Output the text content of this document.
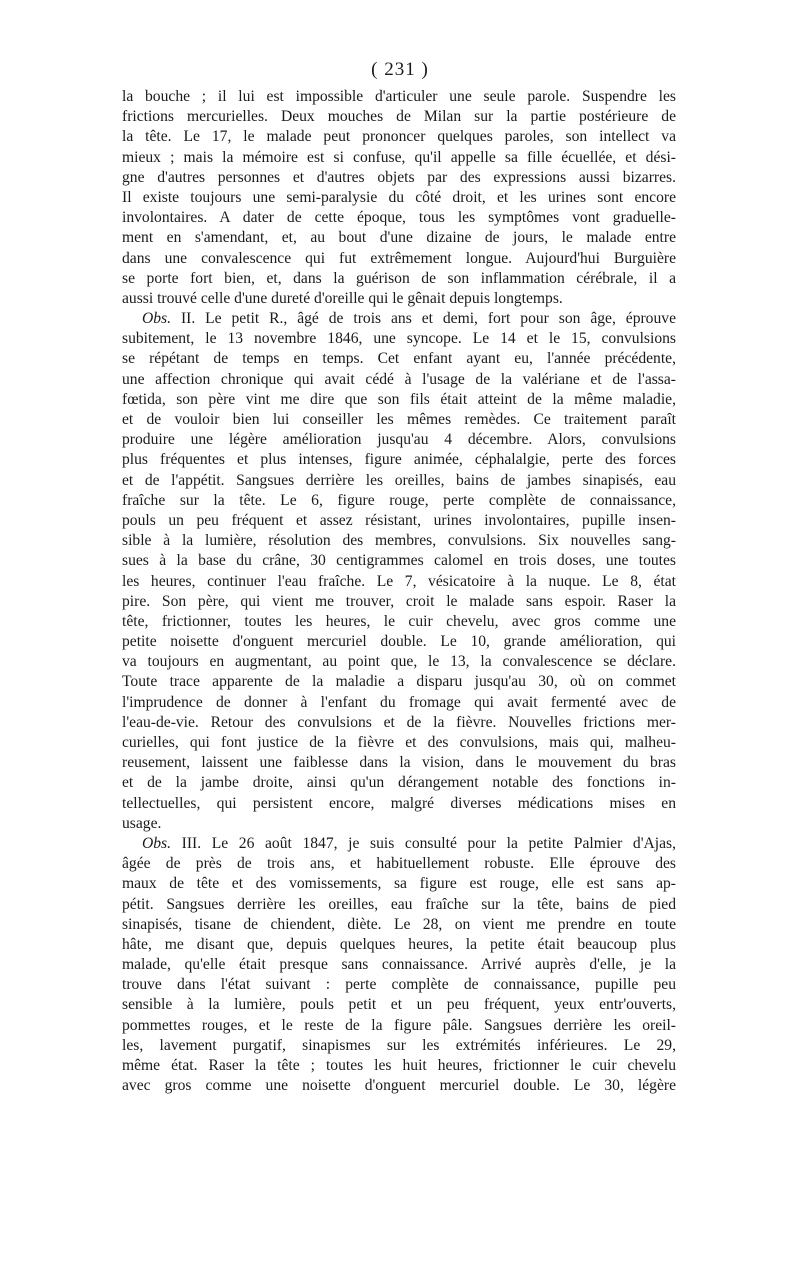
( 231 )
la bouche ; il lui est impossible d'articuler une seule parole. Suspendre les
frictions mercurielles. Deux mouches de Milan sur la partie postérieure de
la tête. Le 17, le malade peut prononcer quelques paroles, son intellect va
mieux ; mais la mémoire est si confuse, qu'il appelle sa fille écuellée, et dési-
gne d'autres personnes et d'autres objets par des expressions aussi bizarres.
Il existe toujours une semi-paralysie du côté droit, et les urines sont encore
involontaires. A dater de cette époque, tous les symptômes vont graduelle-
ment en s'amendant, et, au bout d'une dizaine de jours, le malade entre
dans une convalescence qui fut extrêmement longue. Aujourd'hui Burguière
se porte fort bien, et, dans la guérison de son inflammation cérébrale, il a
aussi trouvé celle d'une dureté d'oreille qui le gênait depuis longtemps.
Obs. II. Le petit R., âgé de trois ans et demi, fort pour son âge, éprouve
subitement, le 13 novembre 1846, une syncope. Le 14 et le 15, convulsions
se répétant de temps en temps. Cet enfant ayant eu, l'année précédente,
une affection chronique qui avait cédé à l'usage de la valériane et de l'assa-
fœtida, son père vint me dire que son fils était atteint de la même maladie,
et de vouloir bien lui conseiller les mêmes remèdes. Ce traitement paraît
produire une légère amélioration jusqu'au 4 décembre. Alors, convulsions
plus fréquentes et plus intenses, figure animée, céphalalgie, perte des forces
et de l'appétit. Sangsues derrière les oreilles, bains de jambes sinapisés, eau
fraîche sur la tête. Le 6, figure rouge, perte complète de connaissance,
pouls un peu fréquent et assez résistant, urines involontaires, pupille insen-
sible à la lumière, résolution des membres, convulsions. Six nouvelles sang-
sues à la base du crâne, 30 centigrammes calomel en trois doses, une toutes
les heures, continuer l'eau fraîche. Le 7, vésicatoire à la nuque. Le 8, état
pire. Son père, qui vient me trouver, croit le malade sans espoir. Raser la
tête, frictionner, toutes les heures, le cuir chevelu, avec gros comme une
petite noisette d'onguent mercuriel double. Le 10, grande amélioration, qui
va toujours en augmentant, au point que, le 13, la convalescence se déclare.
Toute trace apparente de la maladie a disparu jusqu'au 30, où on commet
l'imprudence de donner à l'enfant du fromage qui avait fermenté avec de
l'eau-de-vie. Retour des convulsions et de la fièvre. Nouvelles frictions mer-
curielles, qui font justice de la fièvre et des convulsions, mais qui, malheu-
reusement, laissent une faiblesse dans la vision, dans le mouvement du bras
et de la jambe droite, ainsi qu'un dérangement notable des fonctions in-
tellectuelles, qui persistent encore, malgré diverses médications mises en
usage.
Obs. III. Le 26 août 1847, je suis consulté pour la petite Palmier d'Ajas,
âgée de près de trois ans, et habituellement robuste. Elle éprouve des
maux de tête et des vomissements, sa figure est rouge, elle est sans ap-
pétit. Sangsues derrière les oreilles, eau fraîche sur la tête, bains de pied
sinapisés, tisane de chiendent, diète. Le 28, on vient me prendre en toute
hâte, me disant que, depuis quelques heures, la petite était beaucoup plus
malade, qu'elle était presque sans connaissance. Arrivé auprès d'elle, je la
trouve dans l'état suivant : perte complète de connaissance, pupille peu
sensible à la lumière, pouls petit et un peu fréquent, yeux entr'ouverts,
pommettes rouges, et le reste de la figure pâle. Sangsues derrière les oreil-
les, lavement purgatif, sinapismes sur les extrémités inférieures. Le 29,
même état. Raser la tête ; toutes les huit heures, frictionner le cuir chevelu
avec gros comme une noisette d'onguent mercuriel double. Le 30, légère
